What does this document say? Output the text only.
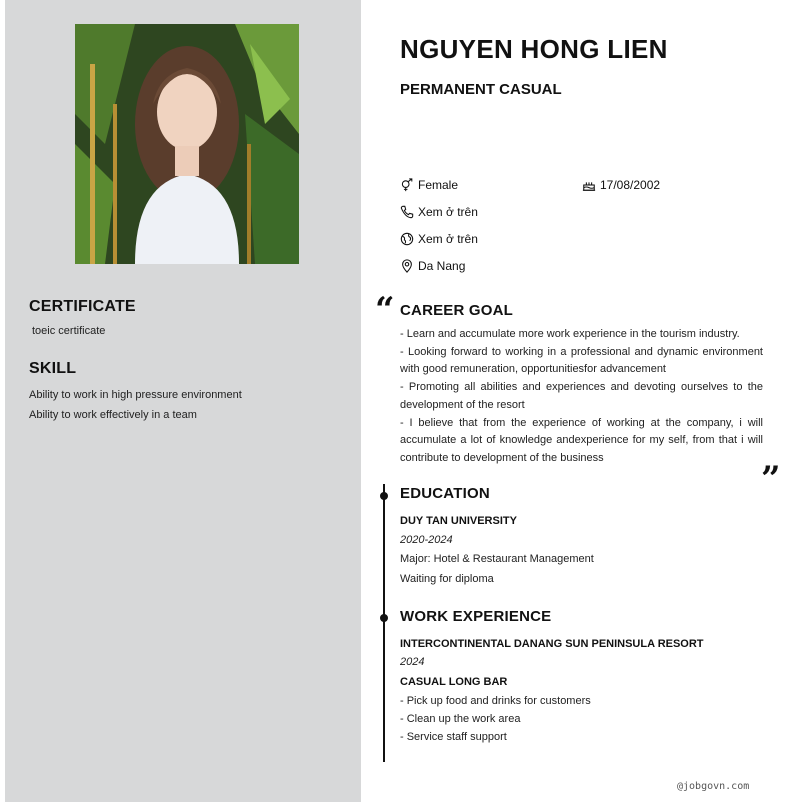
CERTIFICATE
toeic certificate
SKILL
Ability to work in high pressure environment
Ability to work effectively in a team
NGUYEN HONG LIEN
PERMANENT CASUAL
Female	17/08/2002
Xem ở trên
Xem ở trên
Da Nang
“ CAREER GOAL

- Learn and accumulate more work experience in the tourism industry.

- Looking forward to working in a professional and dynamic environment with good remuneration, opportunitiesfor advancement

- Promoting all abilities and experiences and devoting ourselves to the development of the resort

- I believe that from the experience of working at the company, i will accumulate a lot of knowledge andexperience for my self, from that i will contribute to development of the business

”
EDUCATION
DUY TAN UNIVERSITY
2020-2024
Major: Hotel & Restaurant Management
Waiting for diploma
WORK EXPERIENCE
INTERCONTINENTAL DANANG SUN PENINSULA RESORT
2024
CASUAL LONG BAR
- Pick up food and drinks for customers
- Clean up the work area
- Service staff support
@jobgovn.com
